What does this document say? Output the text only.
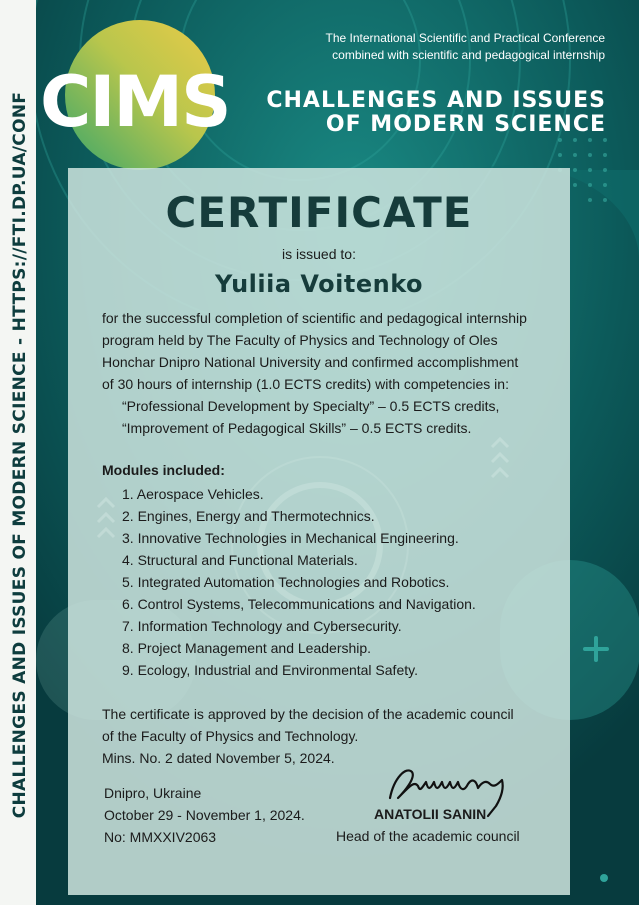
CHALLENGES AND ISSUES OF MODERN SCIENCE - HTTPS://FTI.DP.UA/CONF
The International Scientific and Practical Conference
combined with scientific and pedagogical internship
CIMS CHALLENGES AND ISSUES
OF MODERN SCIENCE
CERTIFICATE
is issued to:
Yuliia Voitenko
for the successful completion of scientific and pedagogical internship
program held by The Faculty of Physics and Technology of Oles
Honchar Dnipro National University and confirmed accomplishment
of 30 hours of internship (1.0 ECTS credits) with competencies in:
“Professional Development by Specialty” – 0.5 ECTS credits,
“Improvement of Pedagogical Skills” – 0.5 ECTS credits.
Modules included:
1. Aerospace Vehicles.
2. Engines, Energy and Thermotechnics.
3. Innovative Technologies in Mechanical Engineering.
4. Structural and Functional Materials.
5. Integrated Automation Technologies and Robotics.
6. Control Systems, Telecommunications and Navigation.
7. Information Technology and Cybersecurity.
8. Project Management and Leadership.
9. Ecology, Industrial and Environmental Safety.
The certificate is approved by the decision of the academic council
of the Faculty of Physics and Technology.
Mins. No. 2 dated November 5, 2024.
Dnipro, Ukraine
October 29 - November 1, 2024.
No: MMXXIV2063
ANATOLII SANIN
Head of the academic council
